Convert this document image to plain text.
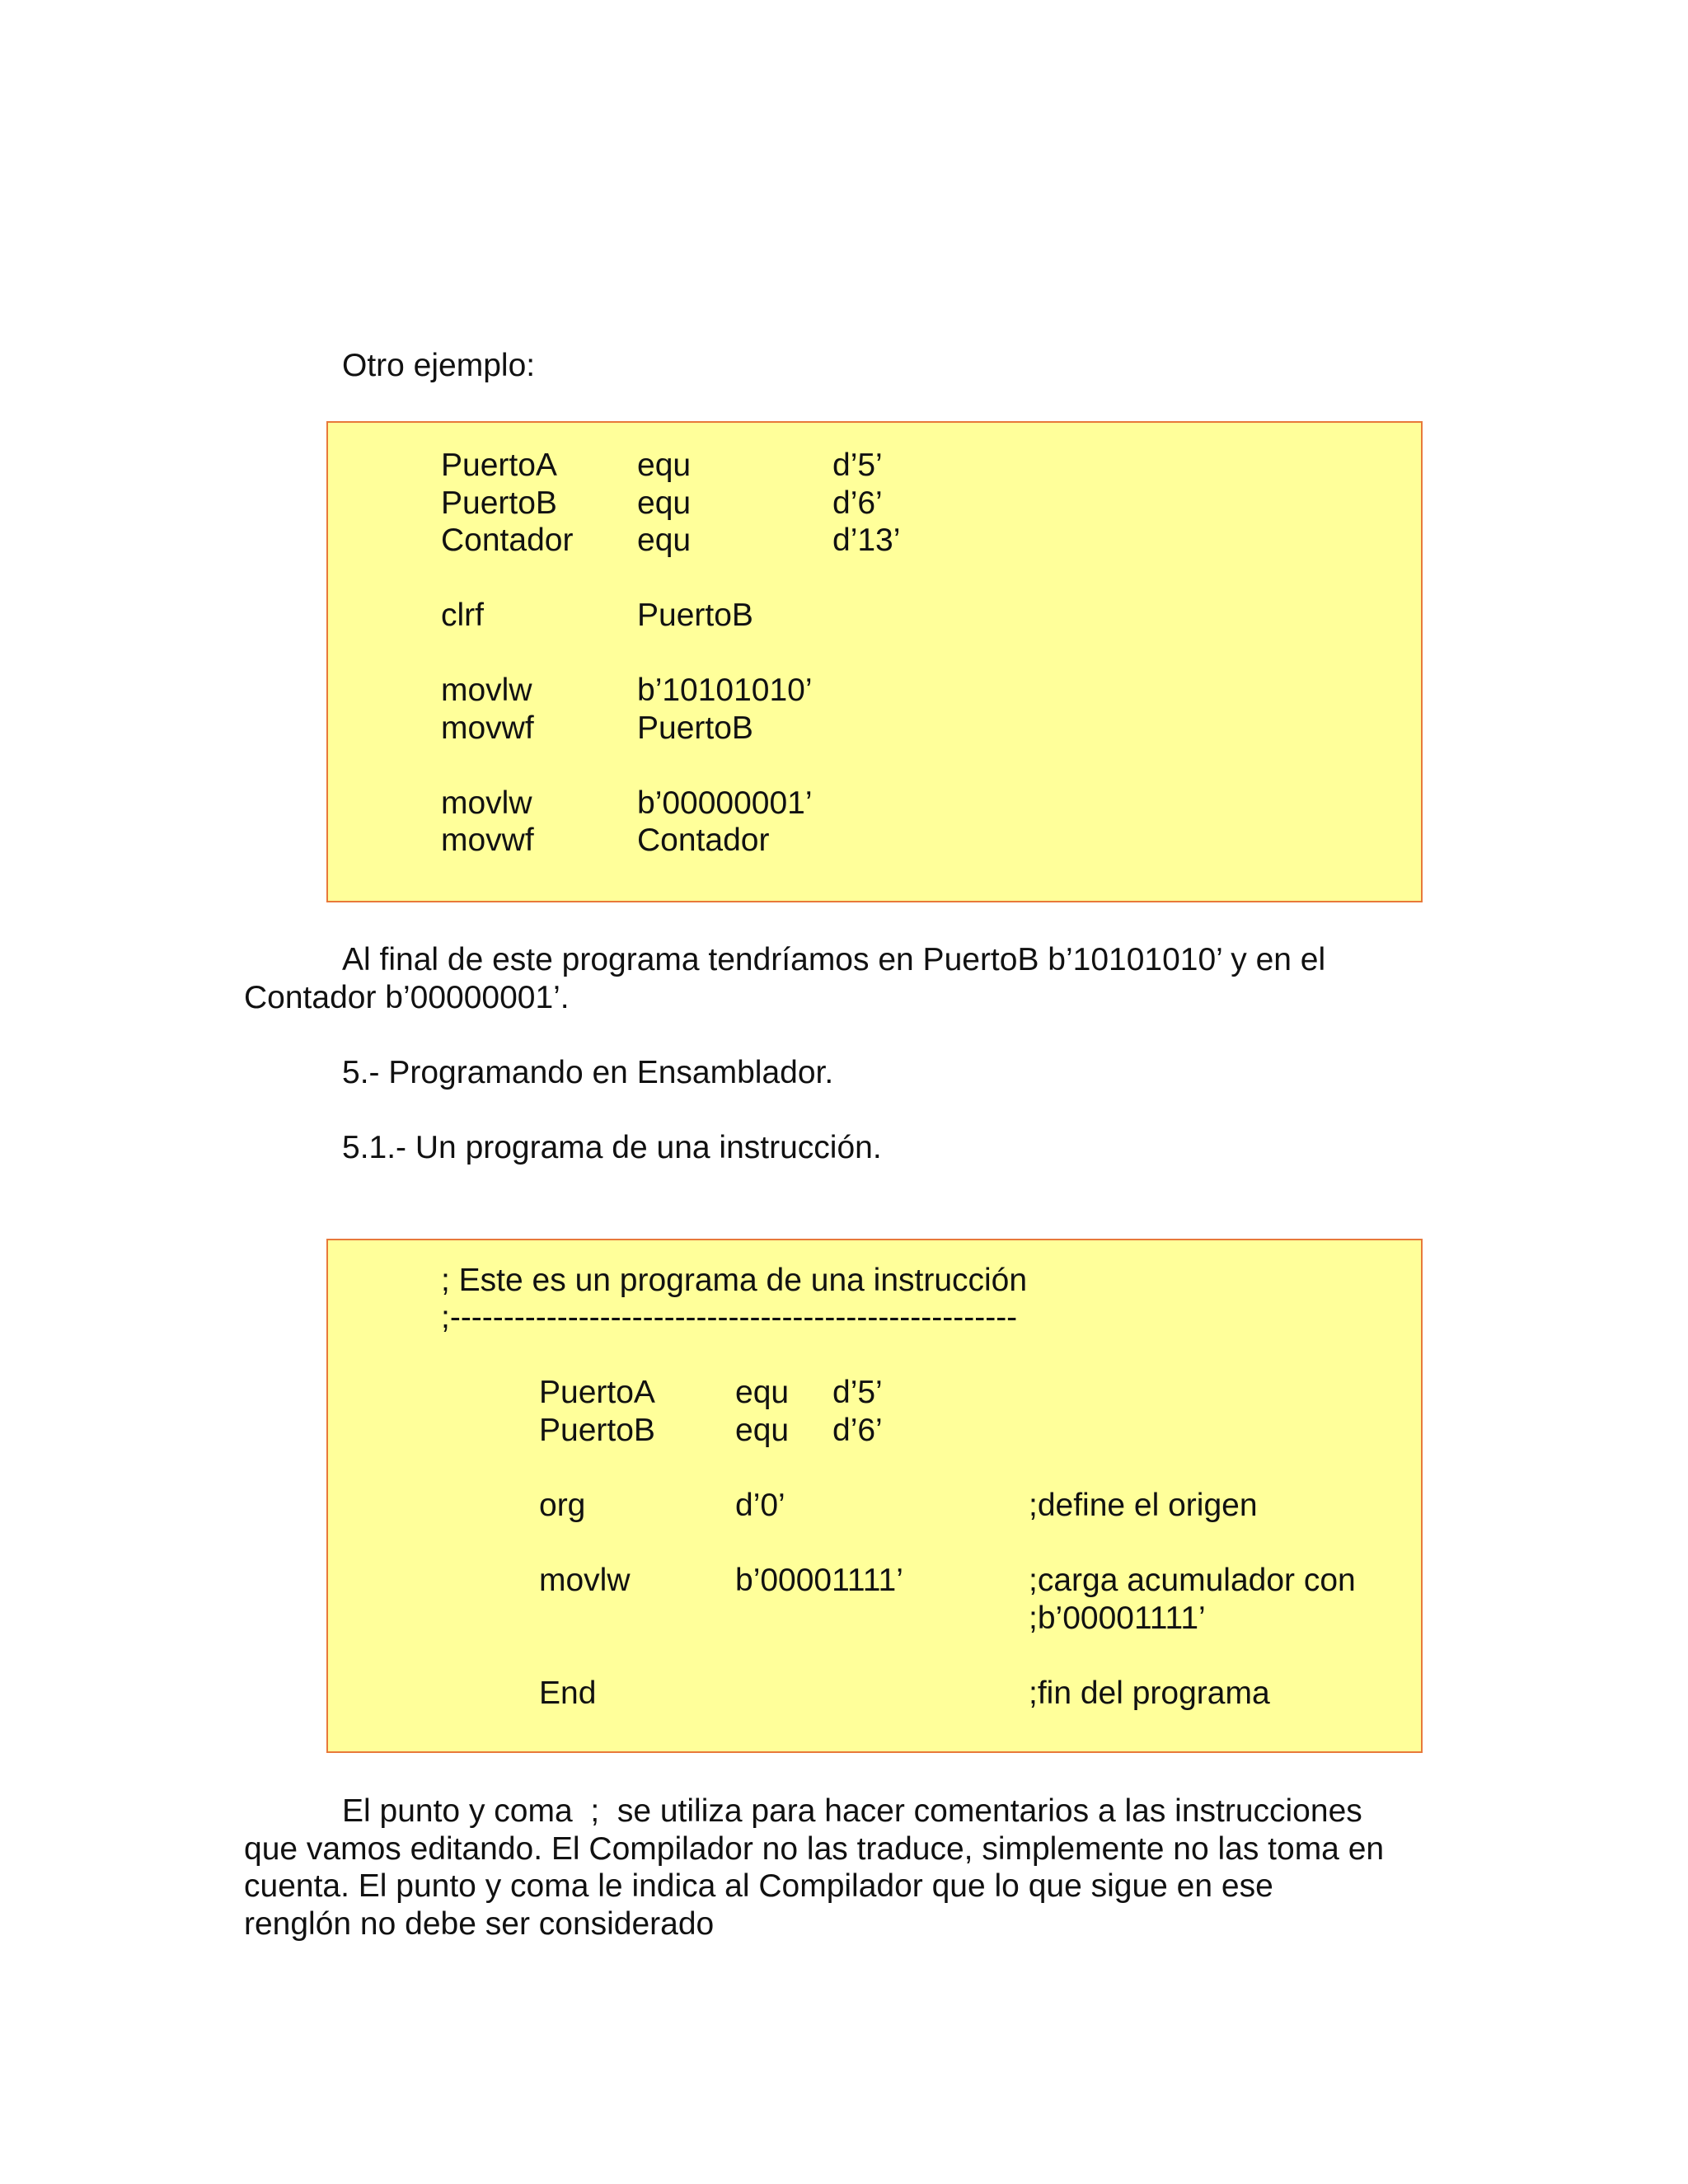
Otro ejemplo:
PuertoA equ	d’5’
PuertoB equ	d’6’
Contador equ	d’13’
clrf	PuertoB
movlw	b’10101010’
movwf	PuertoB
movlw	b’00000001’
movwf	Contador
Al final de este programa tendríamos en PuertoB b’10101010’ y en el
Contador b’00000001’.
5.- Programando en Ensamblador.
5.1.- Un programa de una instrucción.
; Este es un programa de una instrucción
;-----------------------------------------------------
PuertoA equ d’5’
PuertoB equ d’6’
org	d’0’	;define el origen
movlw	b’00001111’	;carga acumulador con
;b’00001111’
End	;fin del programa
El punto y coma  ;  se utiliza para hacer comentarios a las instrucciones
que vamos editando. El Compilador no las traduce, simplemente no las toma en
cuenta. El punto y coma le indica al Compilador que lo que sigue en ese
renglón no debe ser considerado
